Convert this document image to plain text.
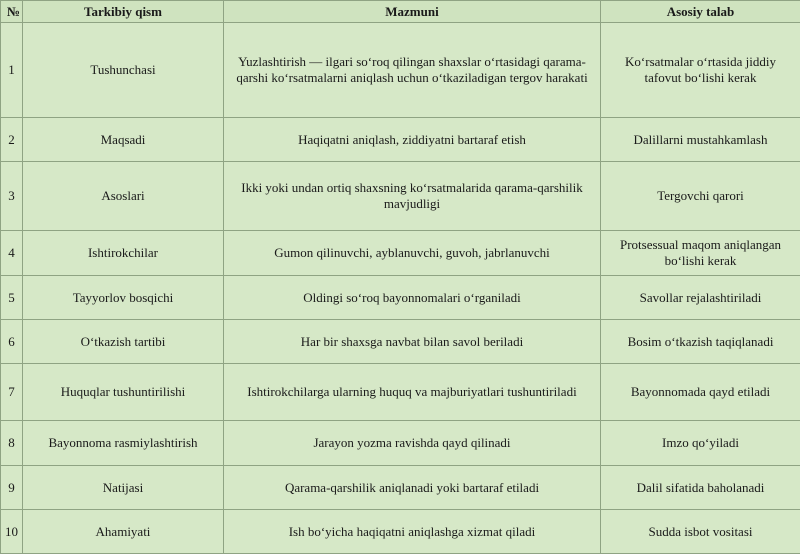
№	Tarkibiy qism	Mazmuni	Asosiy talab
1	Tushunchasi	Yuzlashtirish — ilgari so‘roq qilingan shaxslar o‘rtasidagi qarama-qarshi ko‘rsatmalarni aniqlash uchun o‘tkaziladigan tergov harakati	Ko‘rsatmalar o‘rtasida jiddiy tafovut bo‘lishi kerak
2	Maqsadi	Haqiqatni aniqlash, ziddiyatni bartaraf etish	Dalillarni mustahkamlash
3	Asoslari	Ikki yoki undan ortiq shaxsning ko‘rsatmalarida qarama-qarshilik mavjudligi	Tergovchi qarori
4	Ishtirokchilar	Gumon qilinuvchi, ayblanuvchi, guvoh, jabrlanuvchi	Protsessual maqom aniqlangan bo‘lishi kerak
5	Tayyorlov bosqichi	Oldingi so‘roq bayonnomalari o‘rganiladi	Savollar rejalashtiriladi
6	O‘tkazish tartibi	Har bir shaxsga navbat bilan savol beriladi	Bosim o‘tkazish taqiqlanadi
7	Huquqlar tushuntirilishi	Ishtirokchilarga ularning huquq va majburiyatlari tushuntiriladi	Bayonnomada qayd etiladi
8	Bayonnoma rasmiylashtirish	Jarayon yozma ravishda qayd qilinadi	Imzo qo‘yiladi
9	Natijasi	Qarama-qarshilik aniqlanadi yoki bartaraf etiladi	Dalil sifatida baholanadi
10	Ahamiyati	Ish bo‘yicha haqiqatni aniqlashga xizmat qiladi	Sudda isbot vositasi
